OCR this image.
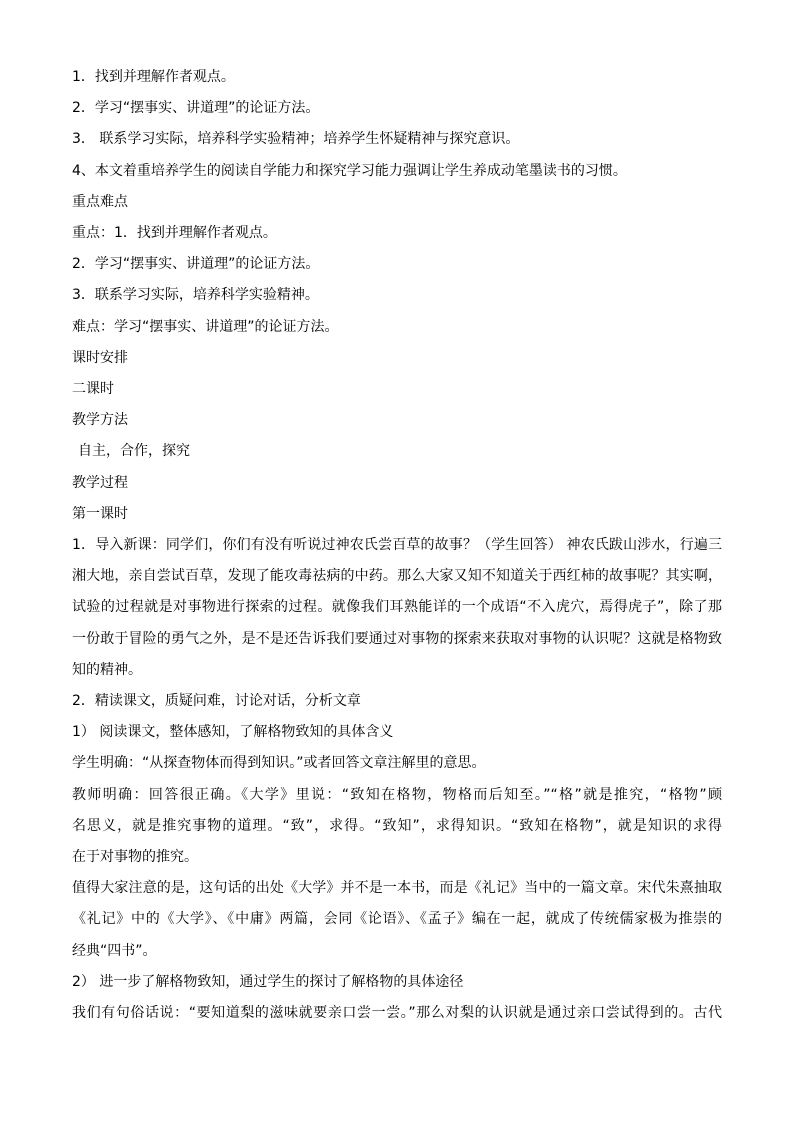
1．找到并理解作者观点。

2．学习“摆事实、讲道理”的论证方法。

3． 联系学习实际，培养科学实验精神；培养学生怀疑精神与探究意识。

4、本文着重培养学生的阅读自学能力和探究学习能力强调让学生养成动笔墨读书的习惯。

重点难点

重点：1．找到并理解作者观点。

2．学习“摆事实、讲道理”的论证方法。

3．联系学习实际，培养科学实验精神。

难点：学习“摆事实、讲道理”的论证方法。

课时安排

二课时

教学方法

自主，合作，探究

教学过程

第一课时

1．导入新课：同学们，你们有没有听说过神农氏尝百草的故事？（学生回答） 神农氏跋山涉水，行遍三
湘大地，亲自尝试百草，发现了能攻毒祛病的中药。那么大家又知不知道关于西红柿的故事呢？其实啊，
试验的过程就是对事物进行探索的过程。就像我们耳熟能详的一个成语“不入虎穴，焉得虎子”，除了那
一份敢于冒险的勇气之外，是不是还告诉我们要通过对事物的探索来获取对事物的认识呢？这就是格物致
知的精神。

2．精读课文，质疑问难，讨论对话，分析文章

1） 阅读课文，整体感知，了解格物致知的具体含义

学生明确：“从探查物体而得到知识。”或者回答文章注解里的意思。

教师明确：回答很正确。《大学》里说：“致知在格物，物格而后知至。”“格”就是推究，“格物”顾
名思义，就是推究事物的道理。“致”，求得。“致知”，求得知识。“致知在格物”，就是知识的求得
在于对事物的推究。
值得大家注意的是，这句话的出处《大学》并不是一本书，而是《礼记》当中的一篇文章。宋代朱熹抽取
《礼记》中的《大学》、《中庸》两篇，会同《论语》、《孟子》编在一起，就成了传统儒家极为推崇的
经典“四书”。

2） 进一步了解格物致知，通过学生的探讨了解格物的具体途径

我们有句俗话说：“要知道梨的滋味就要亲口尝一尝。”那么对梨的认识就是通过亲口尝试得到的。古代
